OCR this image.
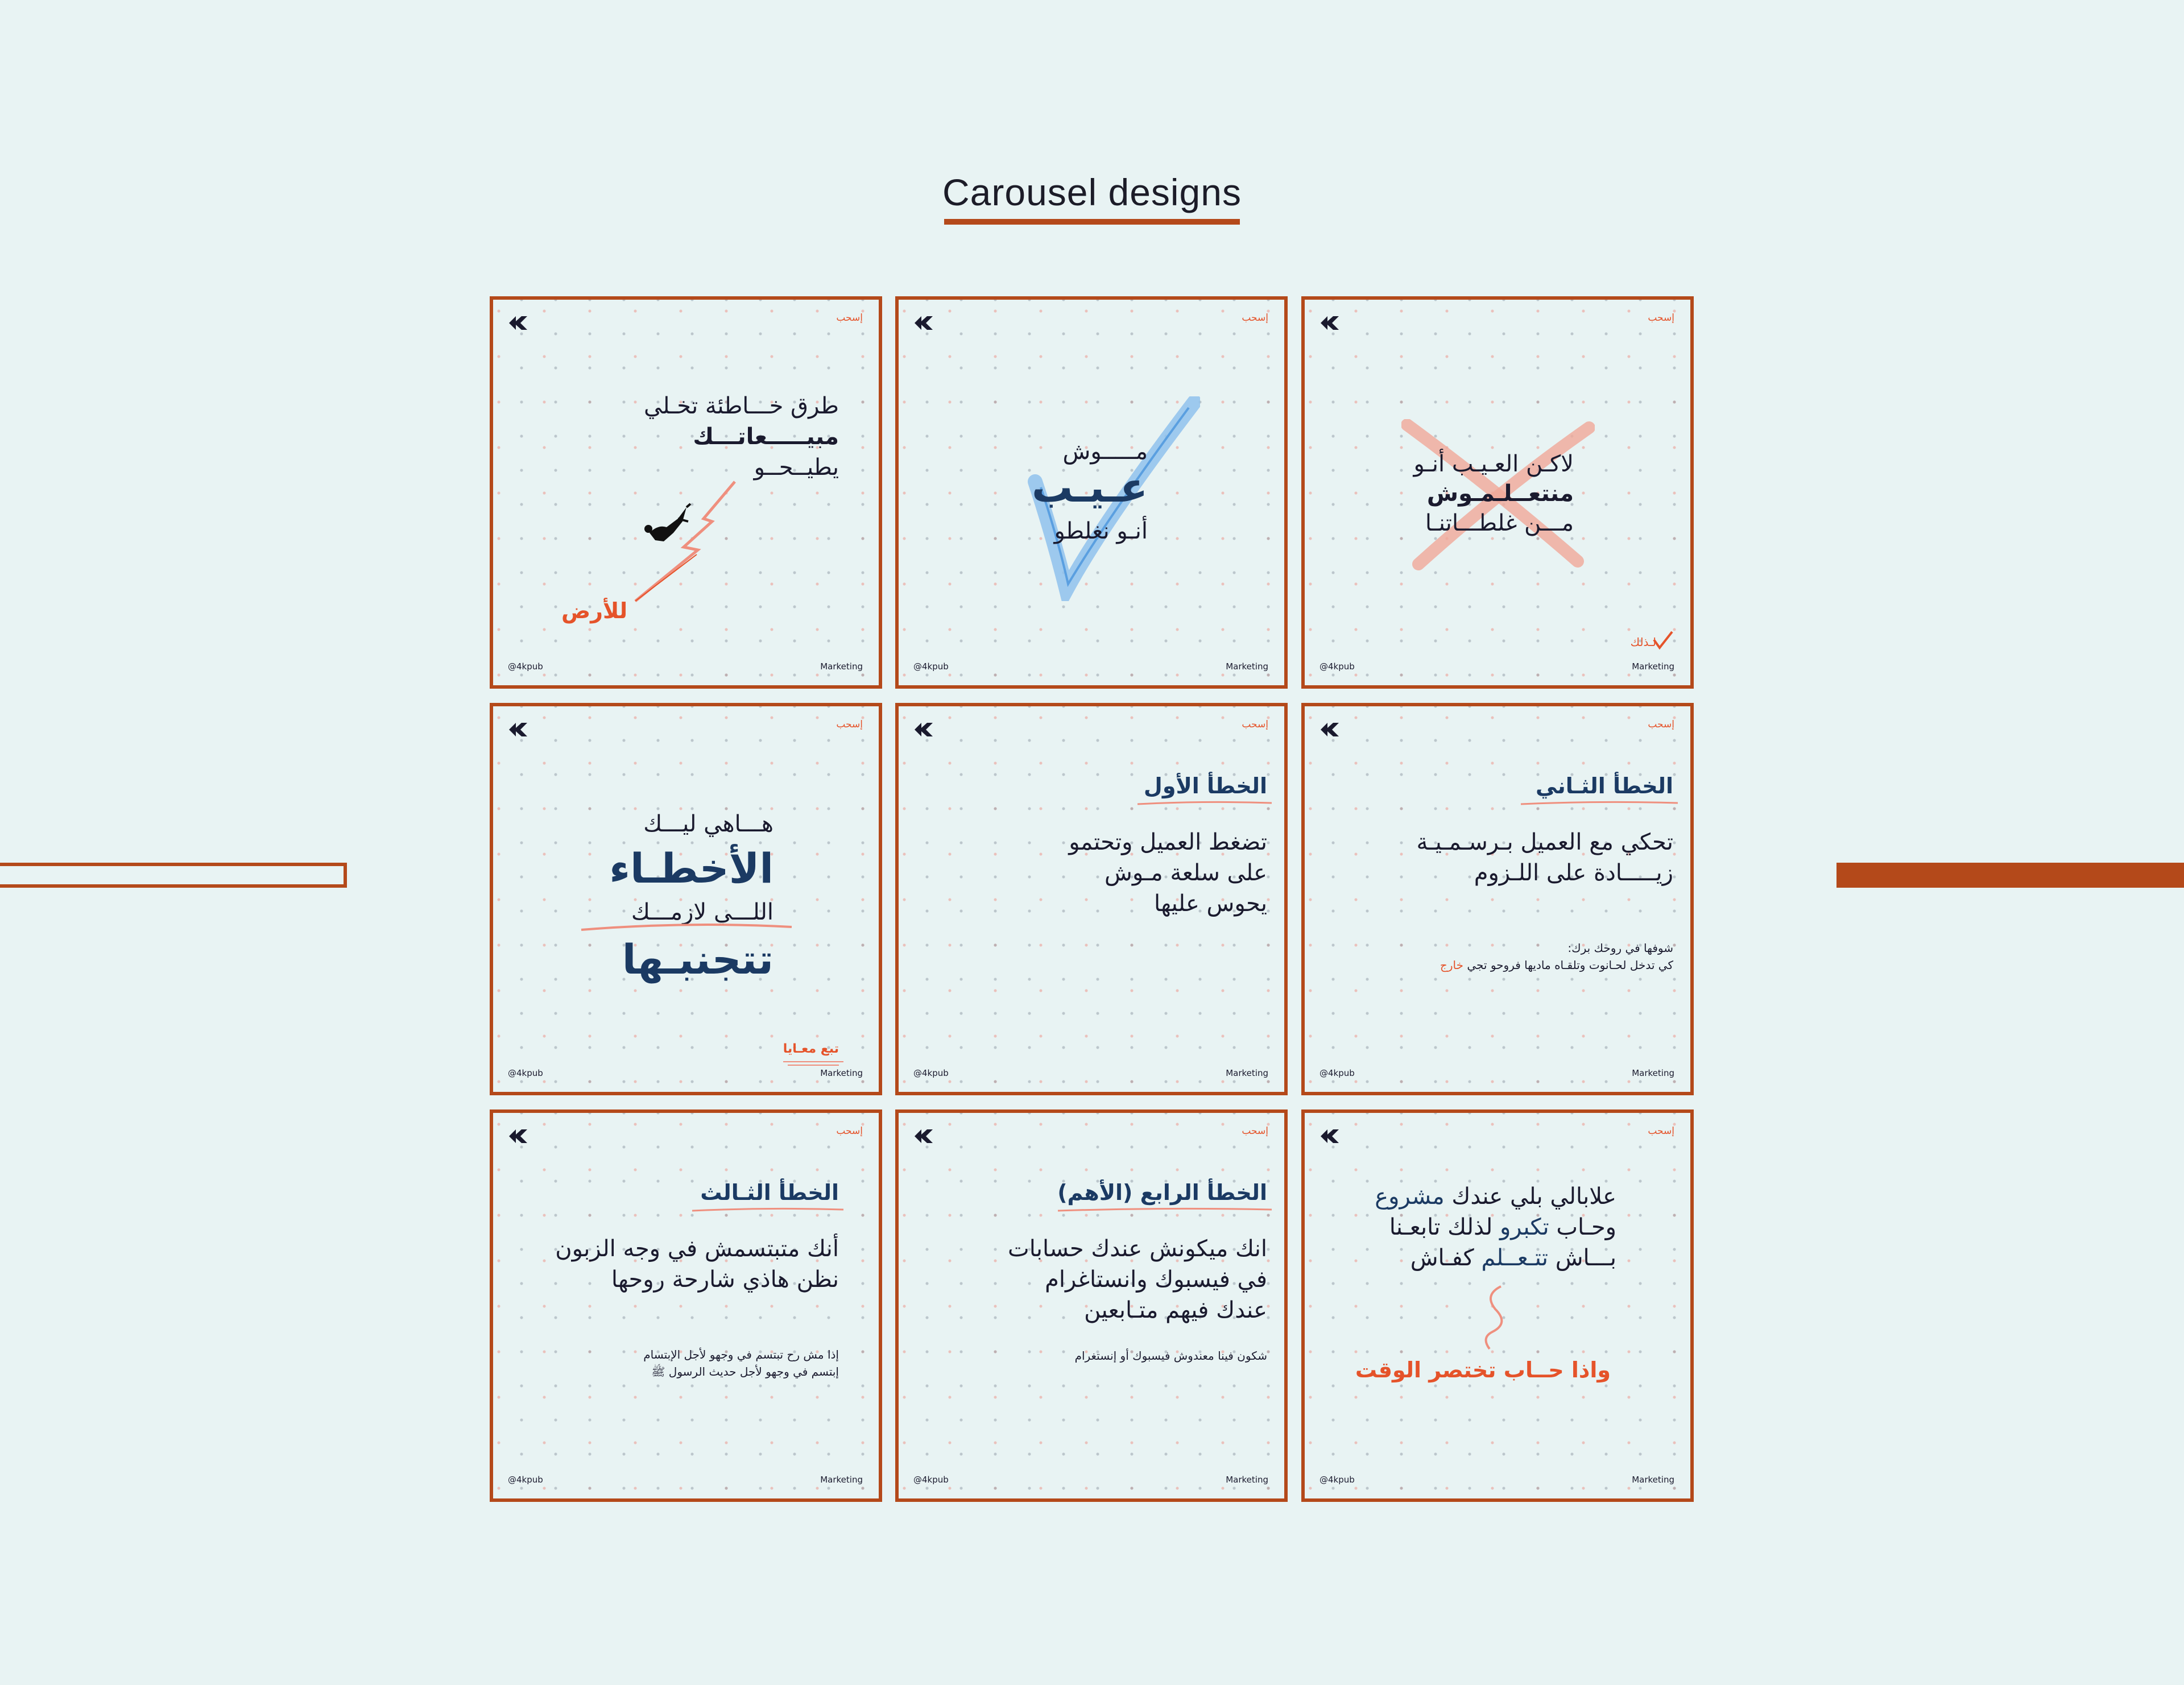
Carousel designs
إسحب
طرق خـــاطئة تخـلي
مبيـــــعاتـــك
يطيــحــو
للأرض
@4kpub	Marketing
إسحب
مـــــوش
عـيـب
أنـو نغلطو
@4kpub	Marketing
إسحب
لاكـن العـيـب أنـو
منتعــلـمـوش
مـــن غلطـــاتنـا
لـذلك
@4kpub	Marketing
إسحب
هـــاهي ليـــك
الأخطـاء
اللـــي لازمـــك
تتجنبـها
تبع معـايا
@4kpub	Marketing
إسحب
الخطأ الأول
تضغط العميل وتحتمو
على سلعة مـوش
يحوس عليها
@4kpub	Marketing
إسحب
الخطأ الثـاني
تحكي مع العميل بـرسـمـيـة
زيـــــادة على اللـزوم
شوفها في روحك برك:
كي تدخل لحـانوت وتلقـاه ماديها فروحو تجي خارج
@4kpub	Marketing
إسحب
الخطأ الثـالث
أنك متبتسمش في وجه الزبون
نظن هاذي شارحة روحها
إذا مش رح تبتسم في وجهو لأجل الإبتسام
إبتسم في وجهو لأجل حديث الرسول ﷺ
@4kpub	Marketing
إسحب
الخطأ الرابع (الأهم)
انك ميكونش عندك حسابات
في فيسبوك وانستاغرام
عندك فيهم متـابعين
شكون فينا معندوش فيسبوك أو إنستغرام
@4kpub	Marketing
إسحب
علابالي بلي عندك مشروع
وحـاب تكبرو لذلك تابعـنا
بـــاش تتـعــلم كفـاش
واذا حــاب تختصر الوقت
@4kpub	Marketing
